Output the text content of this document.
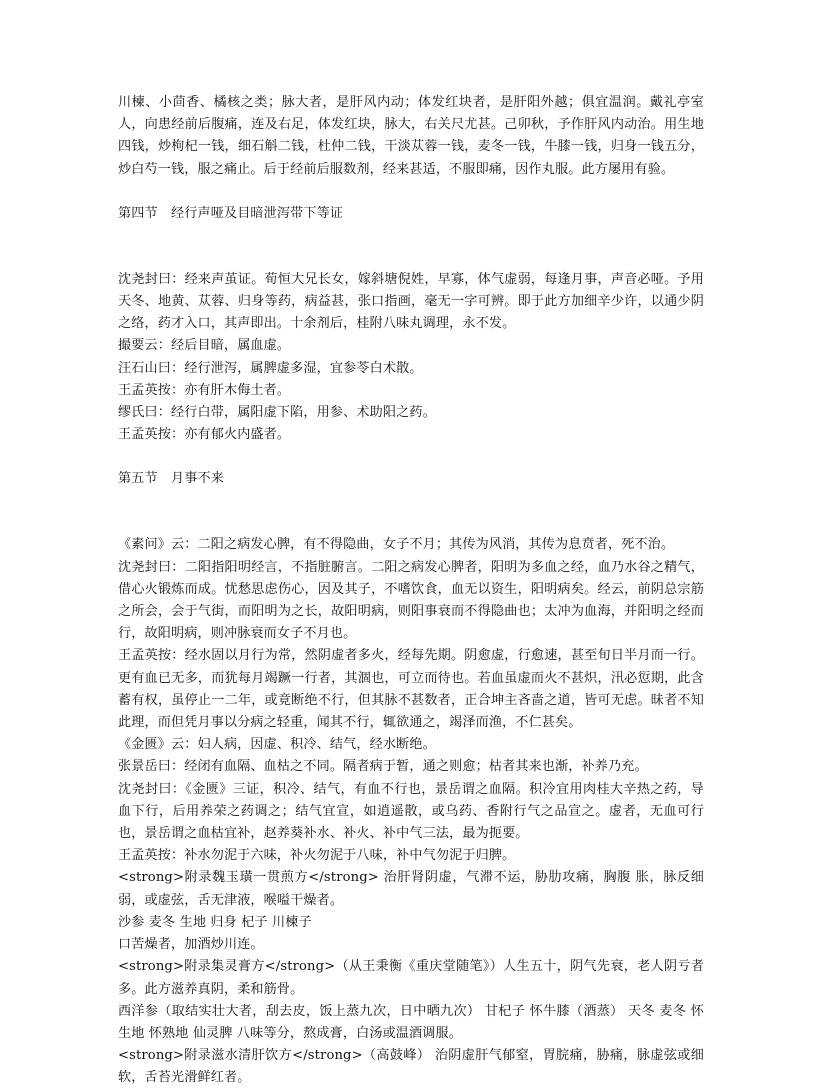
川楝、小茴香、橘核之类；脉大者，是肝风内动；体发红块者，是肝阳外越；俱宜温润。戴礼亭室人，向患经前后腹痛，连及右足，体发红块，脉大，右关尺尤甚。己卯秋，予作肝风内动治。用生地四钱，炒枸杞一钱，细石斛二钱，杜仲二钱，干淡苁蓉一钱，麦冬一钱，牛膝一钱，归身一钱五分，炒白芍一钱，服之痛止。后于经前后服数剂，经来甚适，不服即痛，因作丸服。此方屡用有验。

第四节　经行声哑及目暗泄泻带下等证

沈尧封曰：经来声茧证。荀恒大兄长女，嫁斜塘倪姓，早寡，体气虚弱，每逢月事，声音必哑。予用天冬、地黄、苁蓉、归身等药，病益甚，张口指画，毫无一字可辨。即于此方加细辛少许，以通少阴之络，药才入口，其声即出。十余剂后，桂附八味丸调理，永不发。

撮要云：经后目暗，属血虚。

汪石山曰：经行泄泻，属脾虚多湿，宜参苓白术散。

王孟英按：亦有肝木侮土者。

缪氏曰：经行白带，属阳虚下陷，用参、术助阳之药。

王孟英按：亦有郁火内盛者。

第五节　月事不来

《素问》云：二阳之病发心脾，有不得隐曲，女子不月；其传为风消，其传为息贲者，死不治。

沈尧封曰：二阳指阳明经言，不指脏腑言。二阳之病发心脾者，阳明为多血之经，血乃水谷之精气，借心火锻炼而成。忧愁思虑伤心，因及其子，不嗜饮食，血无以资生，阳明病矣。经云，前阴总宗筋之所会，会于气街，而阳明为之长，故阳明病，则阳事衰而不得隐曲也；太冲为血海，并阳明之经而行，故阳明病，则冲脉衰而女子不月也。

王孟英按：经水固以月行为常，然阴虚者多火，经每先期。阴愈虚，行愈速，甚至旬日半月而一行。更有血已无多，而犹每月竭蹶一行者，其涸也，可立而待也。若血虽虚而火不甚炽，汛必愆期，此含蓄有权，虽停止一二年，或竟断绝不行，但其脉不甚数者，正合坤主吝啬之道，皆可无虑。昧者不知此理，而但凭月事以分病之轻重，闻其不行，辄欲通之，竭泽而渔，不仁甚矣。

《金匮》云：妇人病，因虚、积冷、结气，经水断绝。

张景岳曰：经闭有血隔、血枯之不同。隔者病于暂，通之则愈；枯者其来也渐，补养乃充。

沈尧封曰：《金匮》三证，积冷、结气，有血不行也，景岳谓之血隔。积冷宜用肉桂大辛热之药，导血下行，后用养荣之药调之；结气宜宣，如逍遥散，或乌药、香附行气之品宣之。虚者，无血可行也，景岳谓之血枯宜补，赵养葵补水、补火、补中气三法，最为扼要。

王孟英按：补水勿泥于六味，补火勿泥于八味，补中气勿泥于归脾。

<strong>附录魏玉璜一贯煎方</strong> 治肝肾阴虚，气滞不运，胁肋攻痛，胸腹 胀，脉反细弱，或虚弦，舌无津液，喉嗌干燥者。

沙参 麦冬 生地 归身 杞子 川楝子

口苦燥者，加酒炒川连。

<strong>附录集灵膏方</strong>（从王秉衡《重庆堂随笔》）人生五十，阴气先衰，老人阴亏者多。此方滋养真阴，柔和筋骨。

西洋参（取结实壮大者，刮去皮，饭上蒸九次，日中晒九次） 甘杞子 怀牛膝（酒蒸） 天冬 麦冬 怀生地 怀熟地 仙灵脾 八味等分，熬成膏，白汤或温酒调服。

<strong>附录滋水清肝饮方</strong>（高鼓峰） 治阴虚肝气郁窒，胃脘痛，胁痛，脉虚弦或细软，舌苔光滑鲜红者。
